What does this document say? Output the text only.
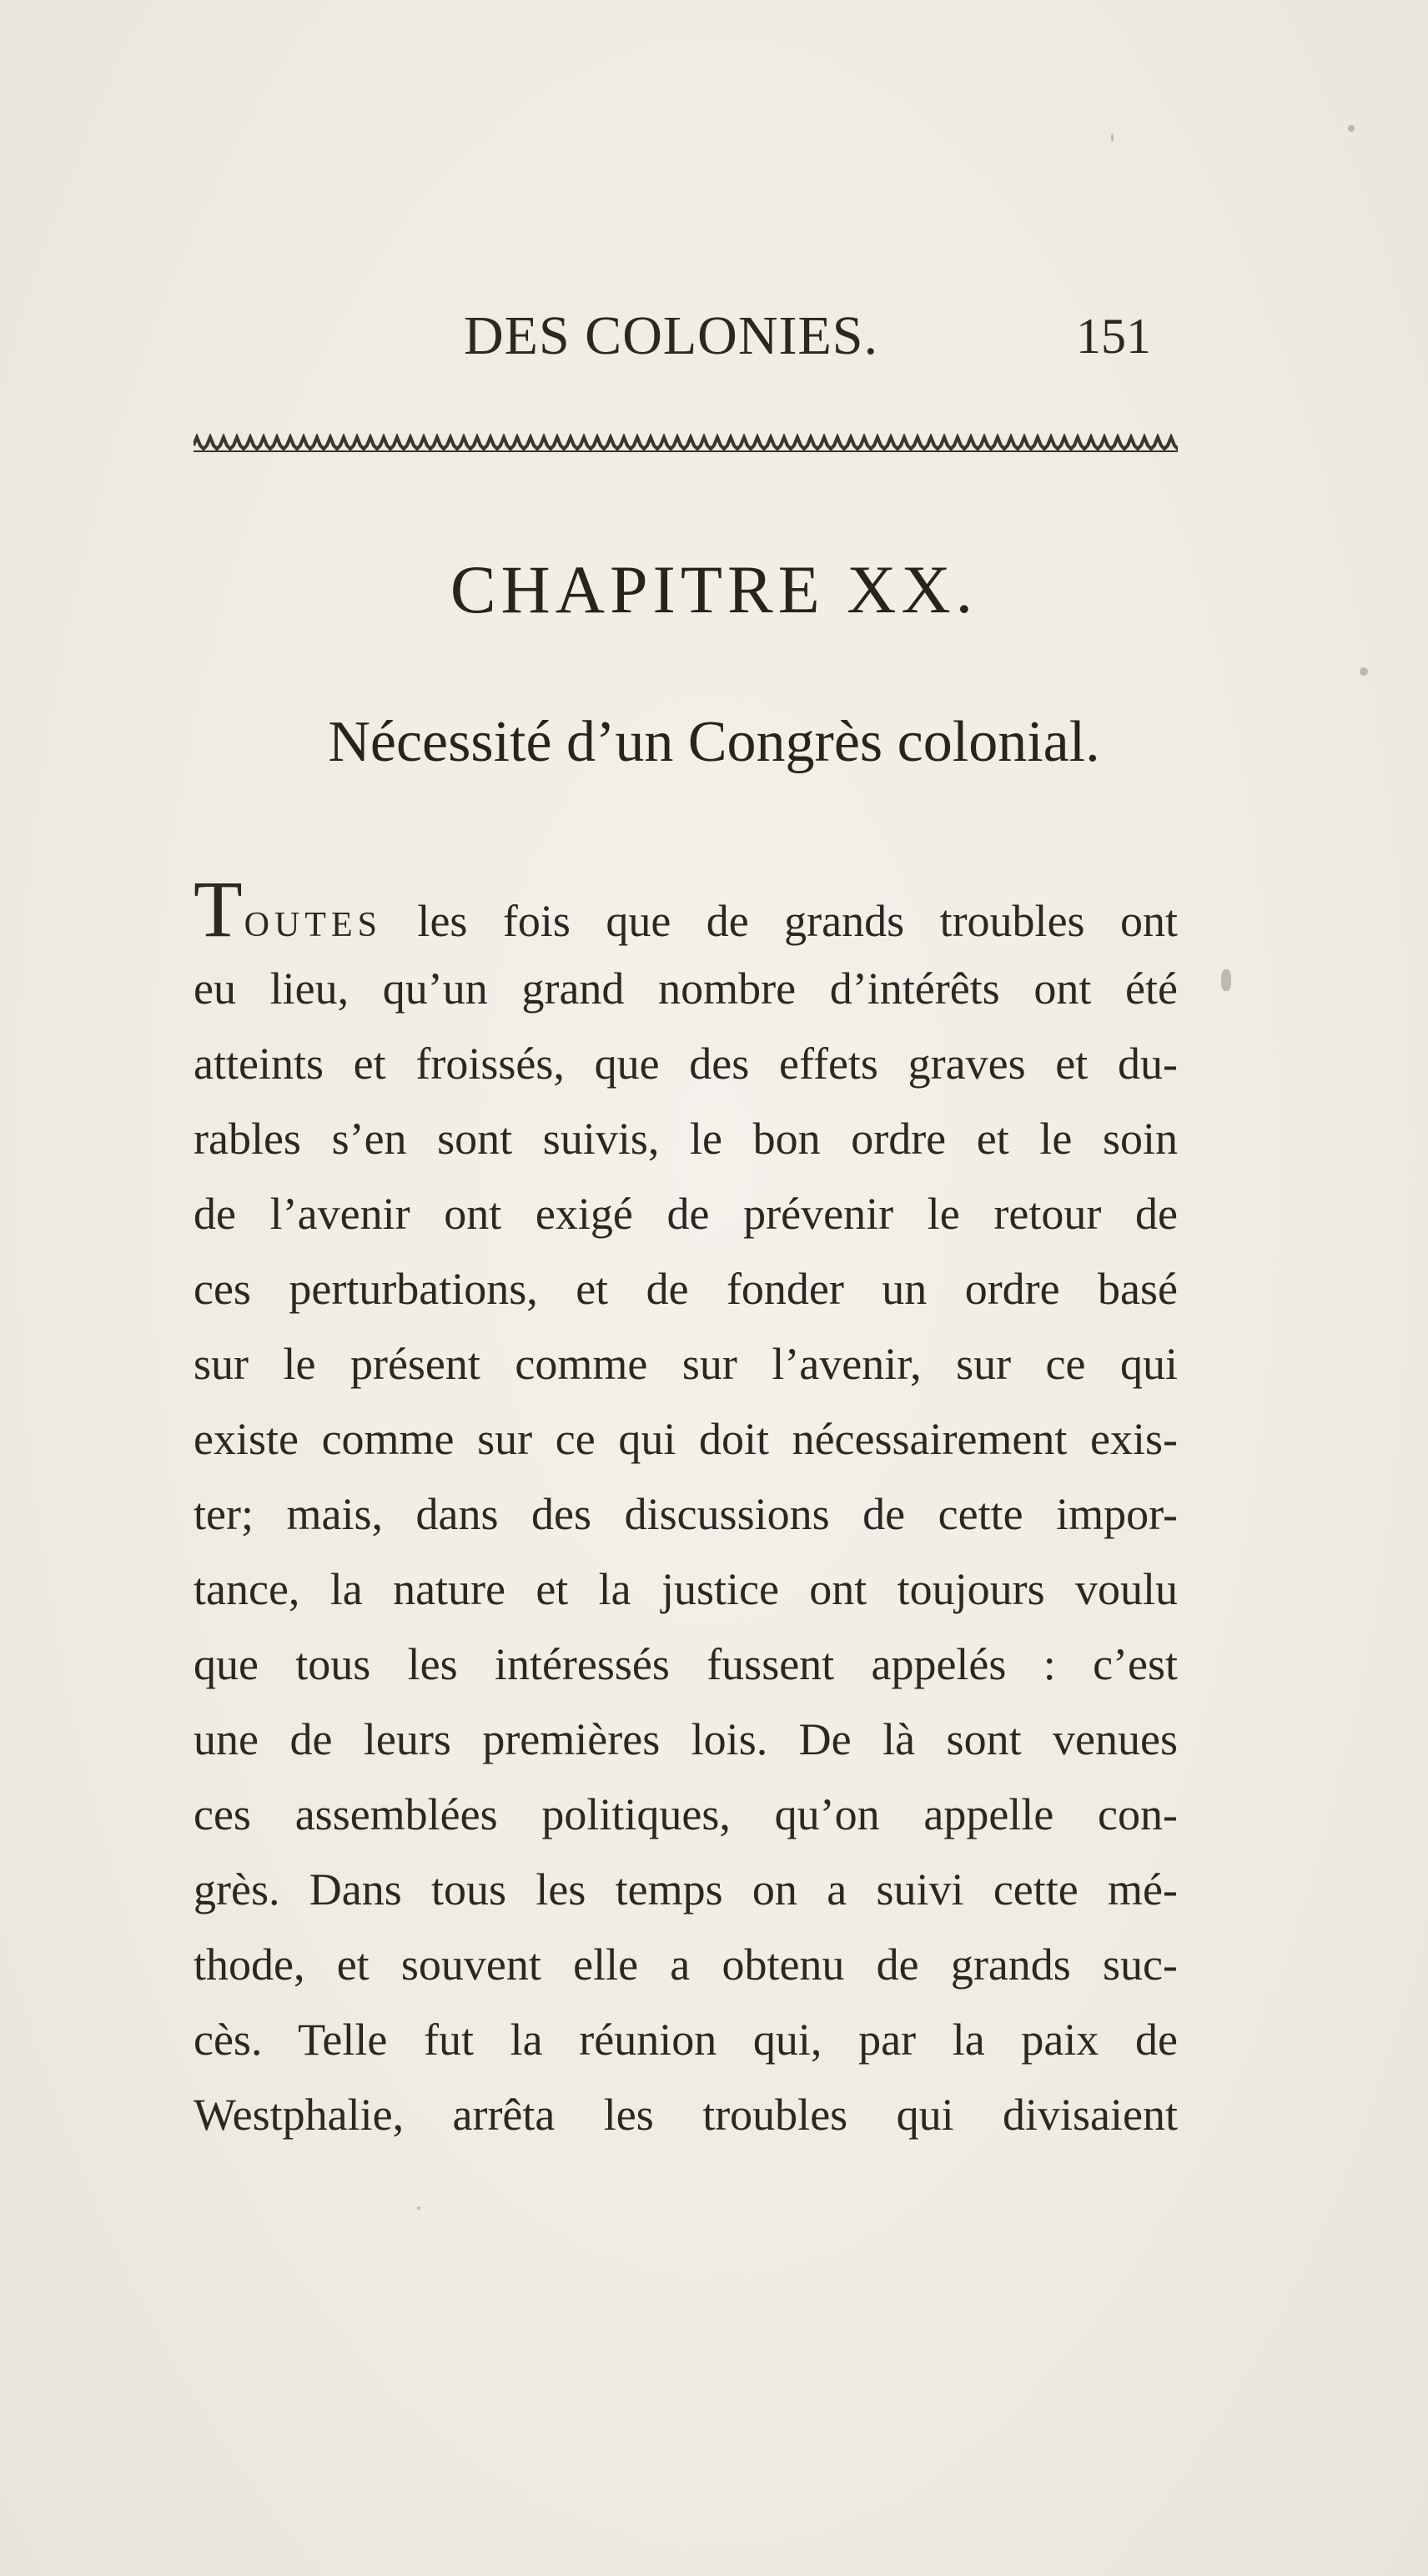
DES COLONIES.	151
CHAPITRE XX.
Nécessité d’un Congrès colonial.
TOUTES les fois que de grands troubles ont
eu lieu, qu’un grand nombre d’intérêts ont été
atteints et froissés, que des effets graves et du-
rables s’en sont suivis, le bon ordre et le soin
de l’avenir ont exigé de prévenir le retour de
ces perturbations, et de fonder un ordre basé
sur le présent comme sur l’avenir, sur ce qui
existe comme sur ce qui doit nécessairement exis-
ter; mais, dans des discussions de cette impor-
tance, la nature et la justice ont toujours voulu
que tous les intéressés fussent appelés : c’est
une de leurs premières lois. De là sont venues
ces assemblées politiques, qu’on appelle con-
grès. Dans tous les temps on a suivi cette mé-
thode, et souvent elle a obtenu de grands suc-
cès. Telle fut la réunion qui, par la paix de
Westphalie, arrêta les troubles qui divisaient
